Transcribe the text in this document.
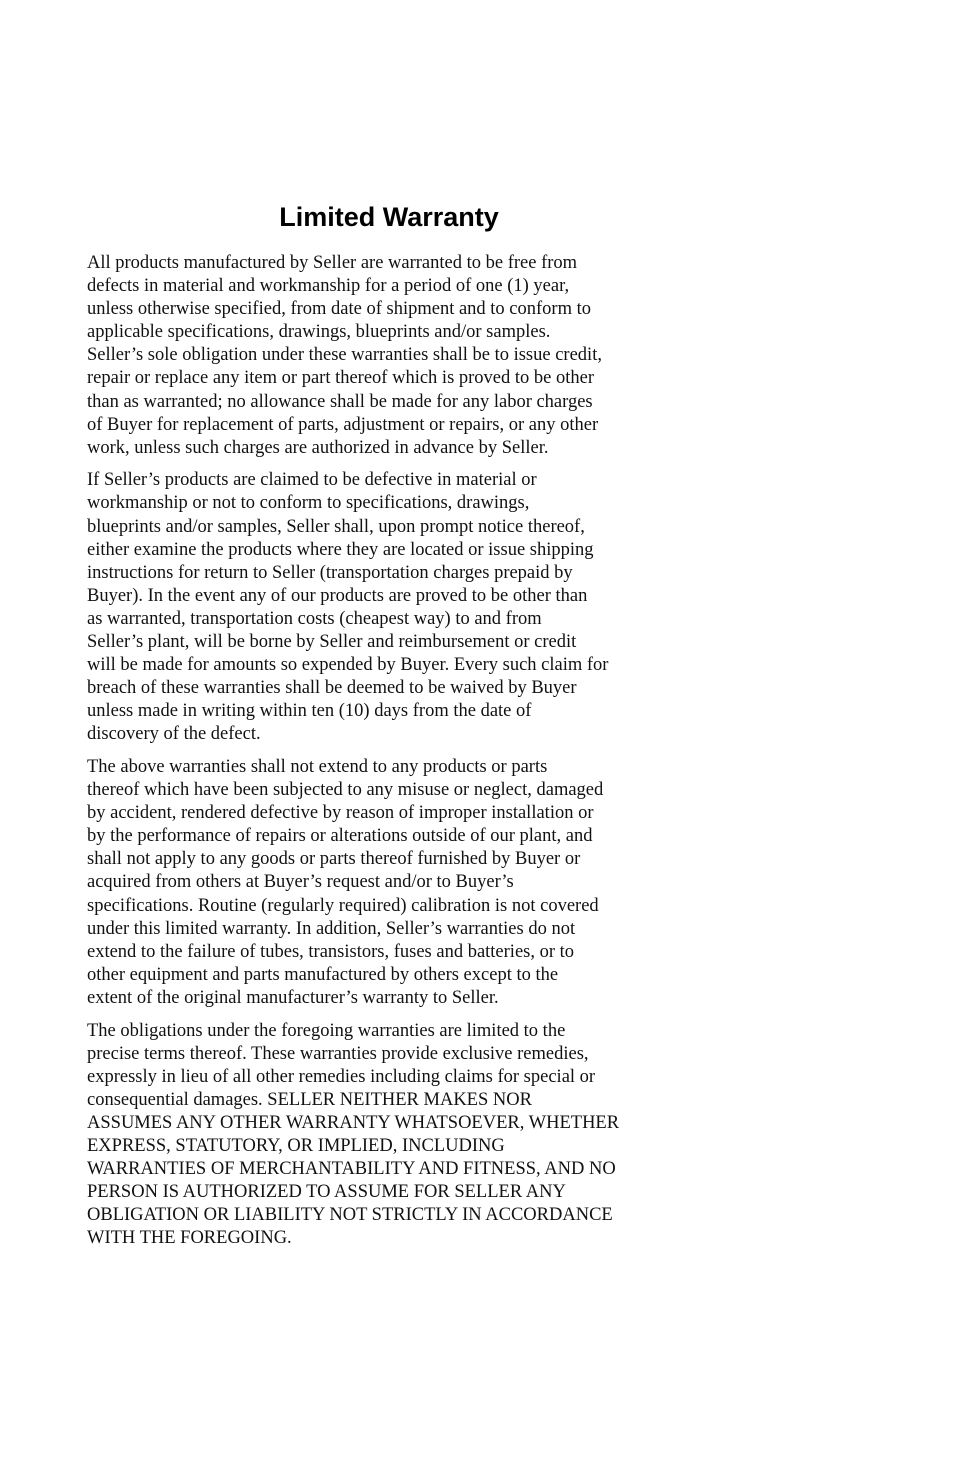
Limited Warranty

All products manufactured by Seller are warranted to be free from
defects in material and workmanship for a period of one (1) year,
unless otherwise specified, from date of shipment and to conform to
applicable specifications, drawings, blueprints and/or samples.
Seller’s sole obligation under these warranties shall be to issue credit,
repair or replace any item or part thereof which is proved to be other
than as warranted; no allowance shall be made for any labor charges
of Buyer for replacement of parts, adjustment or repairs, or any other
work, unless such charges are authorized in advance by Seller.

If Seller’s products are claimed to be defective in material or
workmanship or not to conform to specifications, drawings,
blueprints and/or samples, Seller shall, upon prompt notice thereof,
either examine the products where they are located or issue shipping
instructions for return to Seller (transportation charges prepaid by
Buyer). In the event any of our products are proved to be other than
as warranted, transportation costs (cheapest way) to and from
Seller’s plant, will be borne by Seller and reimbursement or credit
will be made for amounts so expended by Buyer. Every such claim for
breach of these warranties shall be deemed to be waived by Buyer
unless made in writing within ten (10) days from the date of
discovery of the defect.

The above warranties shall not extend to any products or parts
thereof which have been subjected to any misuse or neglect, damaged
by accident, rendered defective by reason of improper installation or
by the performance of repairs or alterations outside of our plant, and
shall not apply to any goods or parts thereof furnished by Buyer or
acquired from others at Buyer’s request and/or to Buyer’s
specifications. Routine (regularly required) calibration is not covered
under this limited warranty. In addition, Seller’s warranties do not
extend to the failure of tubes, transistors, fuses and batteries, or to
other equipment and parts manufactured by others except to the
extent of the original manufacturer’s warranty to Seller.

The obligations under the foregoing warranties are limited to the
precise terms thereof. These warranties provide exclusive remedies,
expressly in lieu of all other remedies including claims for special or
consequential damages. SELLER NEITHER MAKES NOR
ASSUMES ANY OTHER WARRANTY WHATSOEVER, WHETHER
EXPRESS, STATUTORY, OR IMPLIED, INCLUDING
WARRANTIES OF MERCHANTABILITY AND FITNESS, AND NO
PERSON IS AUTHORIZED TO ASSUME FOR SELLER ANY
OBLIGATION OR LIABILITY NOT STRICTLY IN ACCORDANCE
WITH THE FOREGOING.
